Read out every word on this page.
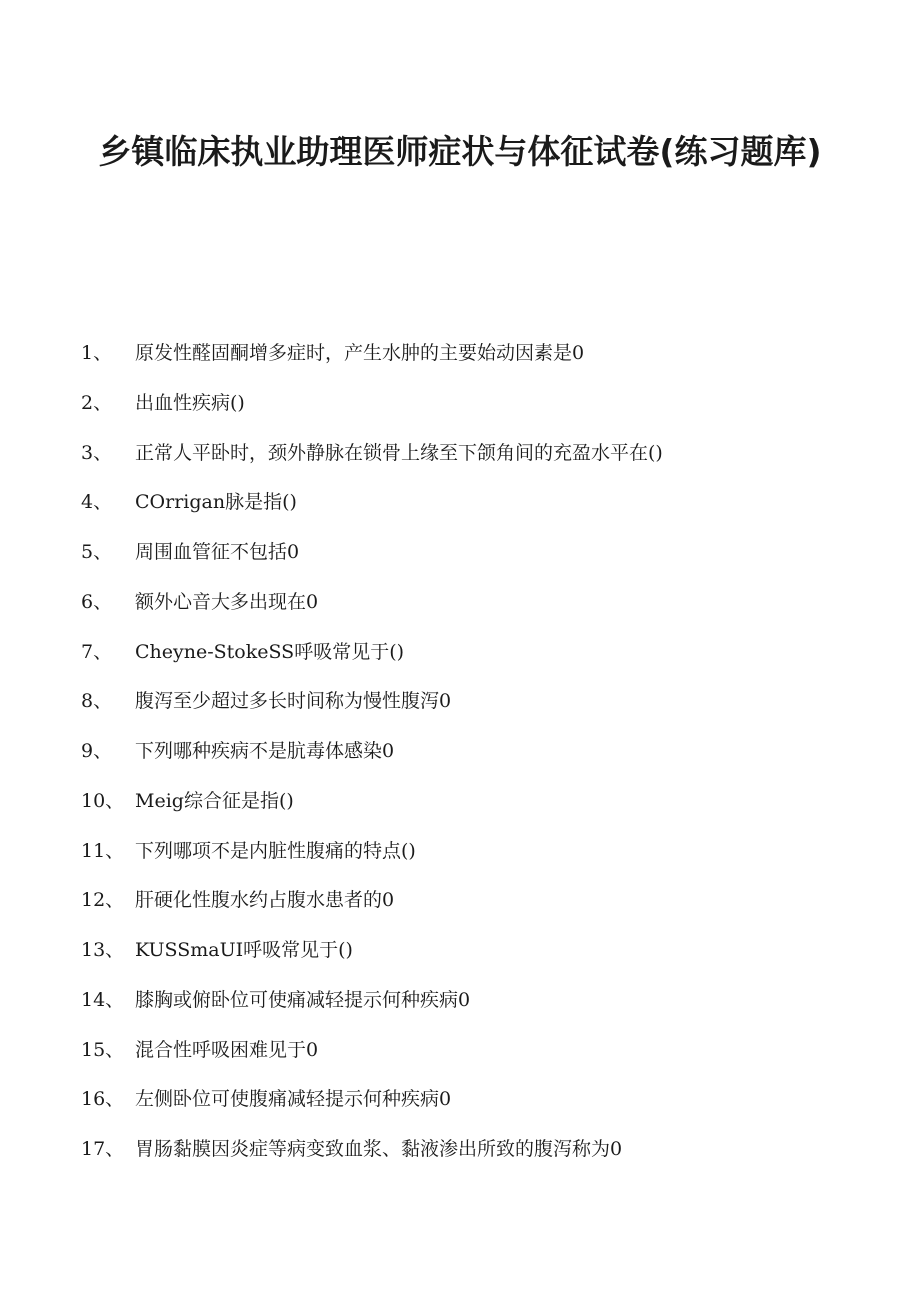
乡镇临床执业助理医师症状与体征试卷(练习题库)
1、 原发性醛固酮增多症时，产生水肿的主要始动因素是0
2、 出血性疾病()
3、 正常人平卧时，颈外静脉在锁骨上缘至下颌角间的充盈水平在()
4、 COrrigan脉是指()
5、 周围血管征不包括0
6、 额外心音大多出现在0
7、 Cheyne-StokeSS呼吸常见于()
8、 腹泻至少超过多长时间称为慢性腹泻0
9、 下列哪种疾病不是肮毒体感染0
10、 Meig综合征是指()
11、 下列哪项不是内脏性腹痛的特点()
12、 肝硬化性腹水约占腹水患者的0
13、 KUSSmaUI呼吸常见于()
14、 膝胸或俯卧位可使痛减轻提示何种疾病0
15、 混合性呼吸困难见于0
16、 左侧卧位可使腹痛减轻提示何种疾病0
17、 胃肠黏膜因炎症等病变致血浆、黏液渗出所致的腹泻称为0
